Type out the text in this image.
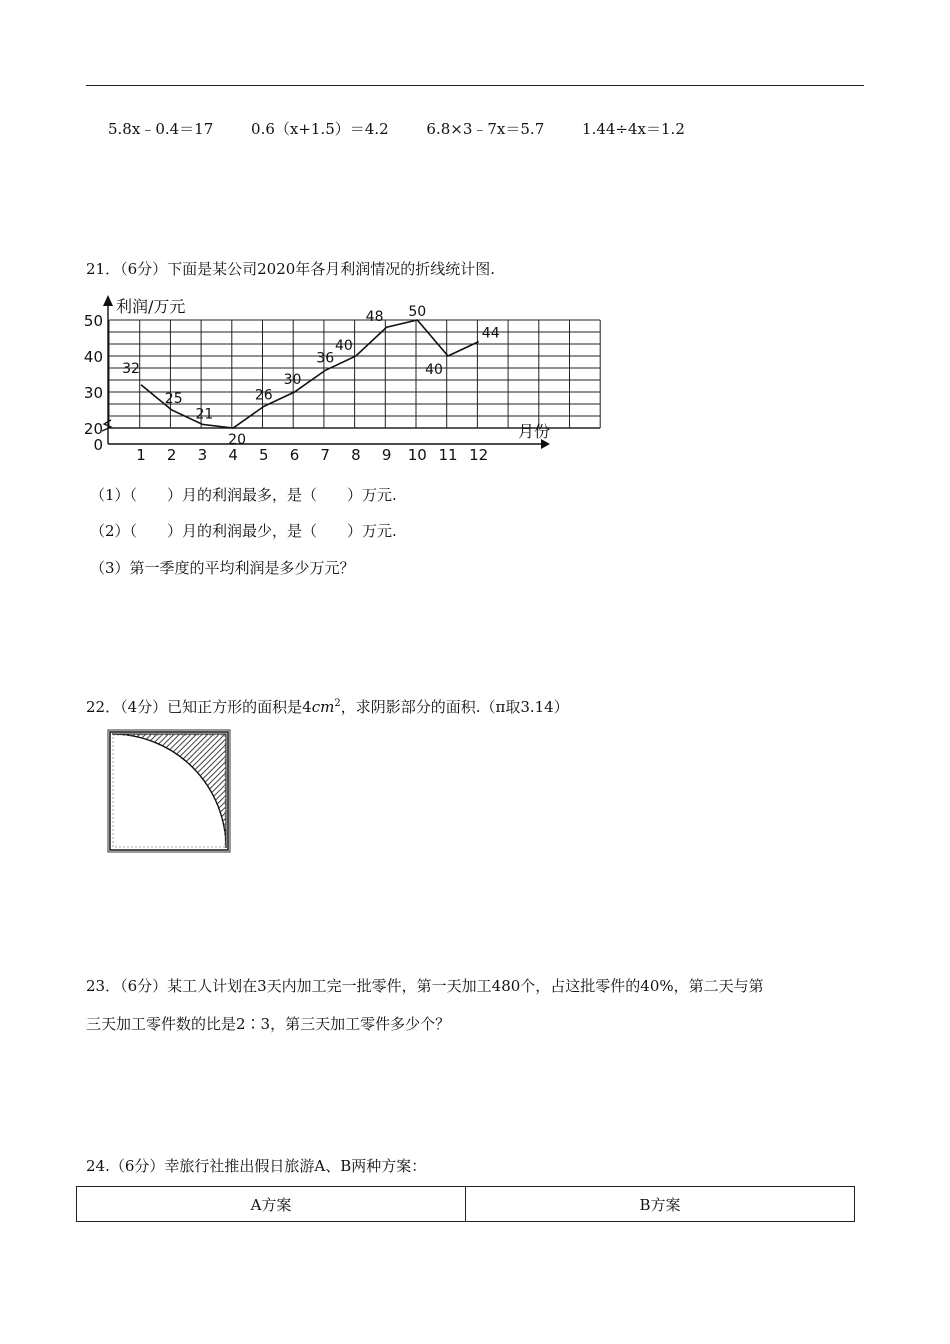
5.8x﹣0.4＝17	0.6（x+1.5）＝4.2	6.8×3﹣7x＝5.7	1.44÷4x＝1.2
21．（6分）下面是某公司2020年各月利润情况的折线统计图.
0
20
30
40
50
1 2 3 4 5 6 7 8 9 10 11 12
32
25
21
20
26
30
36
40
48 50
40
44
利润/万元
月份
（1）（　　）月的利润最多，是（　　）万元.
（2）（　　）月的利润最少，是（　　）万元.
（3）第一季度的平均利润是多少万元？
22．（4分）已知正方形的面积是$4cm^2$，求阴影部分的面积.（π取3.14）
23．（6分）某工人计划在3天内加工完一批零件，第一天加工480个，占这批零件的40%，第二天与第
三天加工零件数的比是2∶3，第三天加工零件多少个？
24.（6分）幸旅行社推出假日旅游A、B两种方案：
A方案	B方案
